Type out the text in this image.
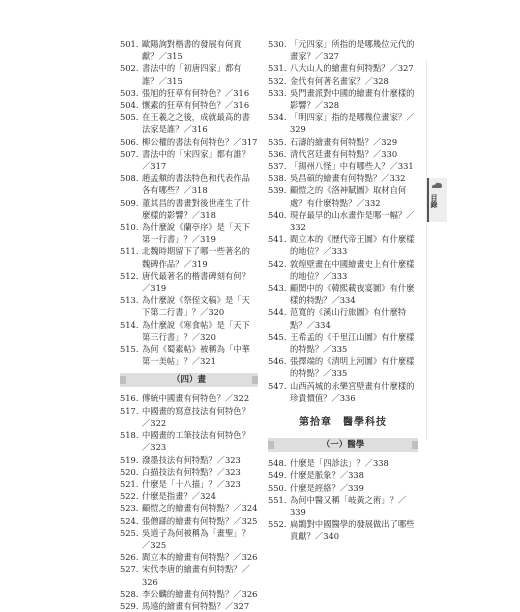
501. 歐陽詢對楷書的發展有何貢獻？／315
502. 書法中的「初唐四家」都有誰？／315
503. 張旭的狂草有何特色？／316
504. 懷素的狂草有何特色？／316
505. 在王羲之之後，成就最高的書法家是誰？／316
506. 柳公權的書法有何特色？／317
507. 書法中的「宋四家」都有誰？／317
508. 趙孟頫的書法特色和代表作品各有哪些？／318
509. 董其昌的書畫對後世產生了什麼樣的影響？／318
510. 為什麼說《蘭亭序》是「天下第一行書」？／319
511. 北魏時期留下了哪一些著名的魏碑作品？／319
512. 唐代最著名的楷書碑刻有何？／319
513. 為什麼說《祭侄文稿》是「天下第二行書」？／320
514. 為什麼說《寒食帖》是「天下第三行書」？／320
515. 為何《蜀素帖》被稱為「中華第一美帖」？／321
（四）畫
516. 傳統中國畫有何特色？／322
517. 中國畫的寫意技法有何特色？／322
518. 中國畫的工筆技法有何特色？／323
519. 潑墨技法有何特點？／323
520. 白描技法有何特點？／323
521. 什麼是「十八描」？／323
522. 什麼是指畫？／324
523. 顧愷之的繪畫有何特點？／324
524. 張僧繇的繪畫有何特點？／325
525. 吳道子為何被稱為「畫聖」？／325
526. 閻立本的繪畫有何特點？／326
527. 宋代李唐的繪畫有何特點？／326
528. 李公麟的繪畫有何特點？／326
529. 馬遠的繪畫有何特點？／327
530. 「元四家」所指的是哪幾位元代的畫家？／327
531. 八大山人的繪畫有何特點？／327
532. 金代有何著名畫家？／328
533. 吳門畫派對中國的繪畫有什麼樣的影響？／328
534. 「明四家」指的是哪幾位畫家？／329
535. 石濤的繪畫有何特點？／329
536. 清代宮廷畫有何特點？／330
537. 「揚州八怪」中有哪些人？／331
538. 吳昌碩的繪畫有何特點？／332
539. 顧愷之的《洛神賦圖》取材自何處？有什麼特點？／332
540. 現存最早的山水畫作是哪一幅？／332
541. 閻立本的《歷代帝王圖》有什麼樣的地位？／333
542. 敦煌壁畫在中國繪畫史上有什麼樣的地位？／333
543. 顧閎中的《韓熙載夜宴圖》有什麼樣的特點？／334
544. 范寬的《溪山行旅圖》有什麼特點？／334
545. 王希孟的《千里江山圖》有什麼樣的特點？／335
546. 張擇端的《清明上河圖》有什麼樣的特點？／335
547. 山西芮城的永樂宮壁畫有什麼樣的珍貴價值？／336
第拾章　醫學科技
（一）醫學
548. 什麼是「四診法」？／338
549. 什麼是脈象？／338
550. 什麼是經絡？／339
551. 為何中醫又稱「岐黃之術」？／339
552. 扁鵲對中國醫學的發展做出了哪些貢獻？／340
目錄
